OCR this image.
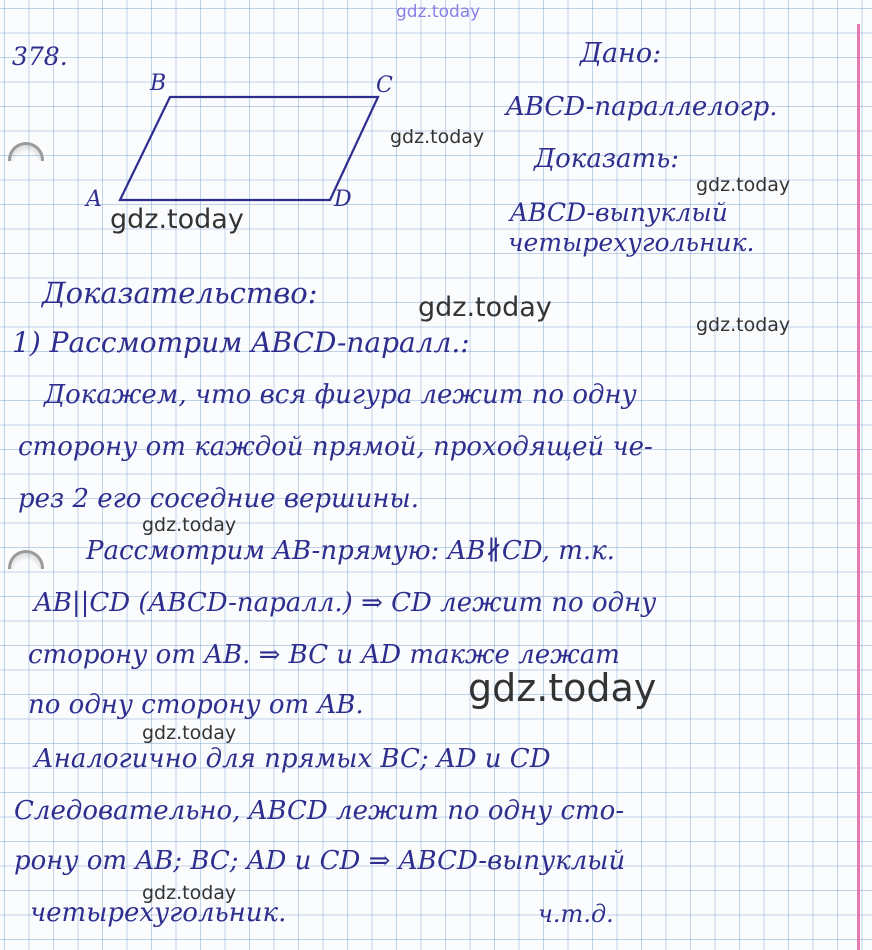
gdz.today
378.
B	C
A	D
Дано:
ABCD-параллелогр.
Доказать:
ABCD-выпуклый
четырехугольник.
Доказательство:
1) Рассмотрим ABCD-паралл.:
Докажем, что вся фигура лежит по одну
сторону от каждой прямой, проходящей че-
рез 2 его соседние вершины.
Рассмотрим AB-прямую: AB∦CD, т.к.
AB||CD (ABCD-паралл.) ⇒ CD лежит по одну
сторону от AB. ⇒ BC и AD также лежат
по одну сторону от AB.
Аналогично для прямых BC; AD и CD
Следовательно, ABCD лежит по одну сто-
рону от AB; BC; AD и CD ⇒ ABCD-выпуклый
четырехугольник.	ч.т.д.
gdz.today
gdz.today
gdz.today
gdz.today
gdz.today
gdz.today
gdz.today
gdz.today
gdz.today
